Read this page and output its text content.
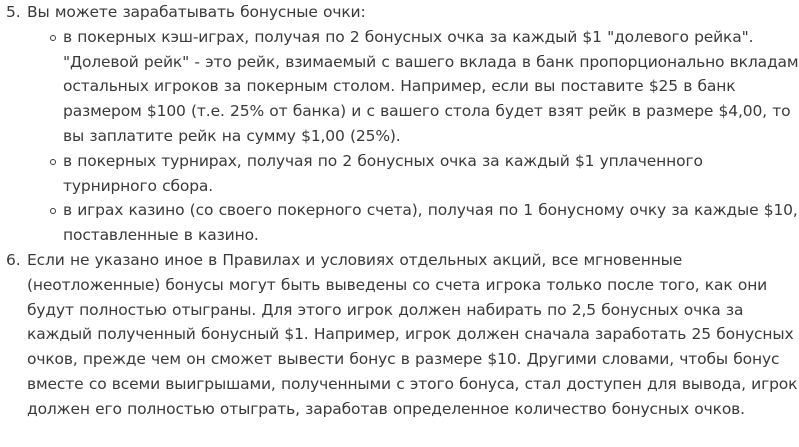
5. Вы можете зарабатывать бонусные очки:
в покерных кэш-играх, получая по 2 бонусных очка за каждый $1 "долевого рейка". "Долевой рейк" - это рейк, взимаемый с вашего вклада в банк пропорционально вкладам остальных игроков за покерным столом. Например, если вы поставите $25 в банк размером $100 (т.е. 25% от банка) и с вашего стола будет взят рейк в размере $4,00, то вы заплатите рейк на сумму $1,00 (25%).
в покерных турнирах, получая по 2 бонусных очка за каждый $1 уплаченного турнирного сбора.
в играх казино (со своего покерного счета), получая по 1 бонусному очку за каждые $10, поставленные в казино.
6. Если не указано иное в Правилах и условиях отдельных акций, все мгновенные (неотложенные) бонусы могут быть выведены со счета игрока только после того, как они будут полностью отыграны. Для этого игрок должен набирать по 2,5 бонусных очка за каждый полученный бонусный $1. Например, игрок должен сначала заработать 25 бонусных очков, прежде чем он сможет вывести бонус в размере $10. Другими словами, чтобы бонус вместе со всеми выигрышами, полученными с этого бонуса, стал доступен для вывода, игрок должен его полностью отыграть, заработав определенное количество бонусных очков.
